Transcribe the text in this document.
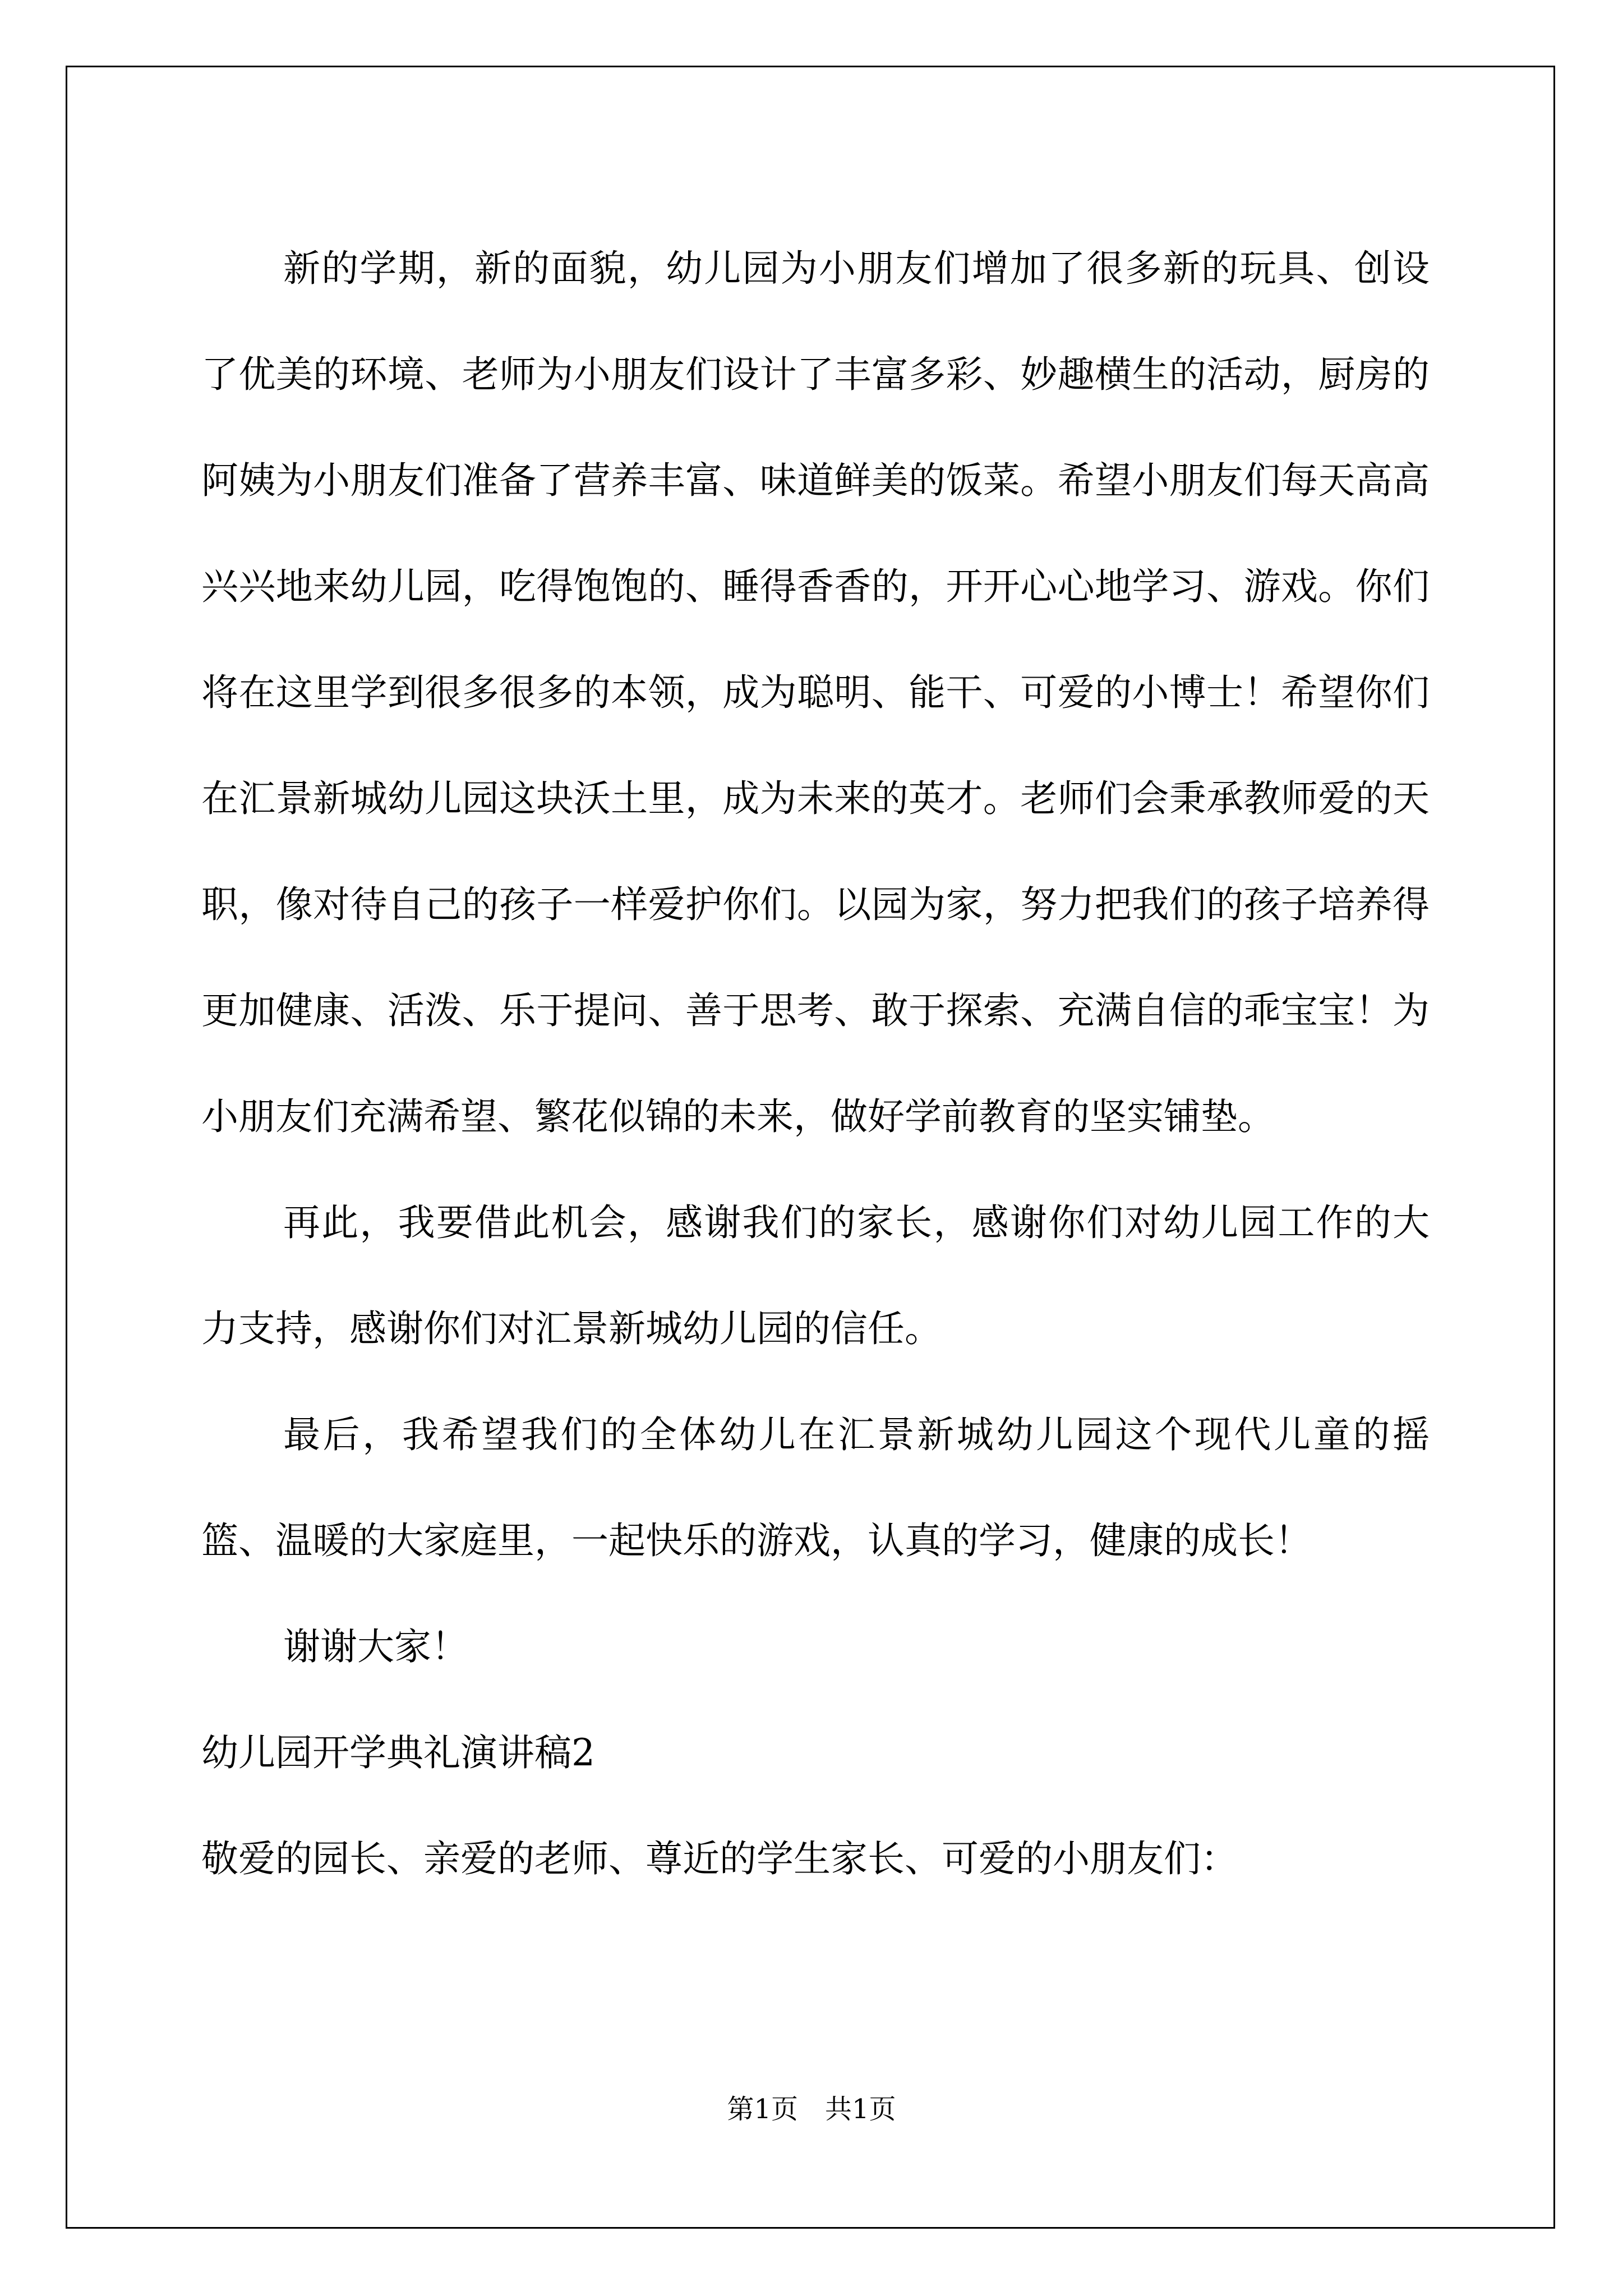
新的学期，新的面貌，幼儿园为小朋友们增加了很多新的玩具、创设了优美的环境、老师为小朋友们设计了丰富多彩、妙趣横生的活动，厨房的阿姨为小朋友们准备了营养丰富、味道鲜美的饭菜。希望小朋友们每天高高兴兴地来幼儿园，吃得饱饱的、睡得香香的，开开心心地学习、游戏。你们将在这里学到很多很多的本领，成为聪明、能干、可爱的小博士！希望你们在汇景新城幼儿园这块沃土里，成为未来的英才。老师们会秉承教师爱的天职，像对待自己的孩子一样爱护你们。以园为家，努力把我们的孩子培养得更加健康、活泼、乐于提问、善于思考、敢于探索、充满自信的乖宝宝！为小朋友们充满希望、繁花似锦的未来，做好学前教育的坚实铺垫。

再此，我要借此机会，感谢我们的家长，感谢你们对幼儿园工作的大力支持，感谢你们对汇景新城幼儿园的信任。

最后，我希望我们的全体幼儿在汇景新城幼儿园这个现代儿童的摇篮、温暖的大家庭里，一起快乐的游戏，认真的学习，健康的成长！

谢谢大家！

幼儿园开学典礼演讲稿2

敬爱的园长、亲爱的老师、尊近的学生家长、可爱的小朋友们：

第1页　共1页
